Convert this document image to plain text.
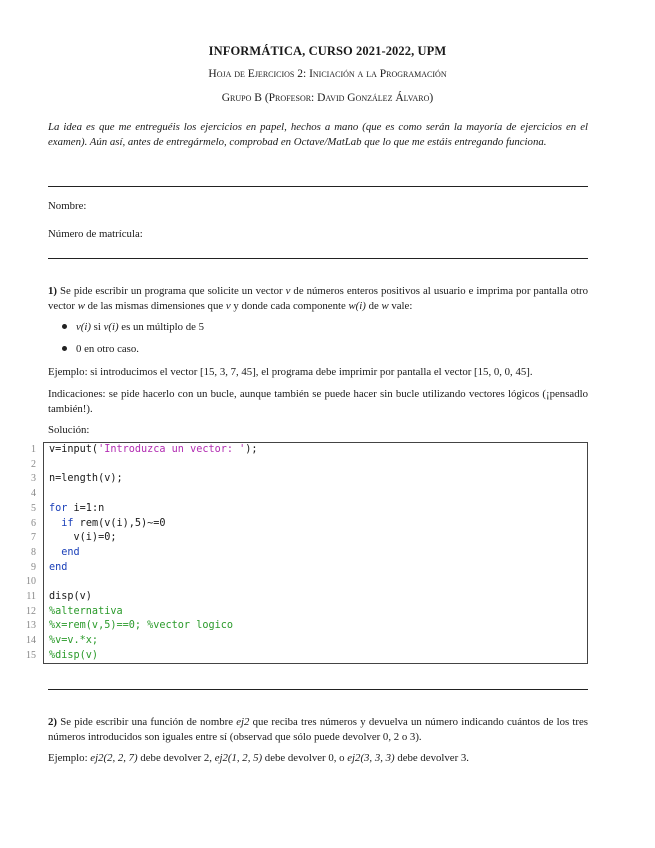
INFORMÁTICA, CURSO 2021-2022, UPM
Hoja de Ejercicios 2: Iniciación a la Programación
Grupo B (Profesor: David González Álvaro)
La idea es que me entreguéis los ejercicios en papel, hechos a mano (que es como serán la mayoría de ejercicios en el examen). Aún así, antes de entregármelo, comprobad en Octave/MatLab que lo que me estáis entregando funciona.
Nombre:
Número de matrícula:
1) Se pide escribir un programa que solicite un vector v de números enteros positivos al usuario e imprima por pantalla otro vector w de las mismas dimensiones que v y donde cada componente w(i) de w vale:
v(i) si v(i) es un múltiplo de 5
0 en otro caso.
Ejemplo: si introducimos el vector [15, 3, 7, 45], el programa debe imprimir por pantalla el vector [15, 0, 0, 45].
Indicaciones: se pide hacerlo con un bucle, aunque también se puede hacer sin bucle utilizando vectores lógicos (¡pensadlo también!).
Solución:
1
2
3
4
5
6
7
8
9
10
11
12
13
14
15
v=input('Introduzca un vector: ');
n=length(v);
for i=1:n
if rem(v(i),5)~=0
v(i)=0;
end
end
disp(v)
%alternativa
%x=rem(v,5)==0; %vector logico
%v=v.*x;
%disp(v)
2) Se pide escribir una función de nombre ej2 que reciba tres números y devuelva un número indicando cuántos de los tres números introducidos son iguales entre sí (observad que sólo puede devolver 0, 2 o 3).
Ejemplo: ej2(2, 2, 7) debe devolver 2, ej2(1, 2, 5) debe devolver 0, o ej2(3, 3, 3) debe devolver 3.
